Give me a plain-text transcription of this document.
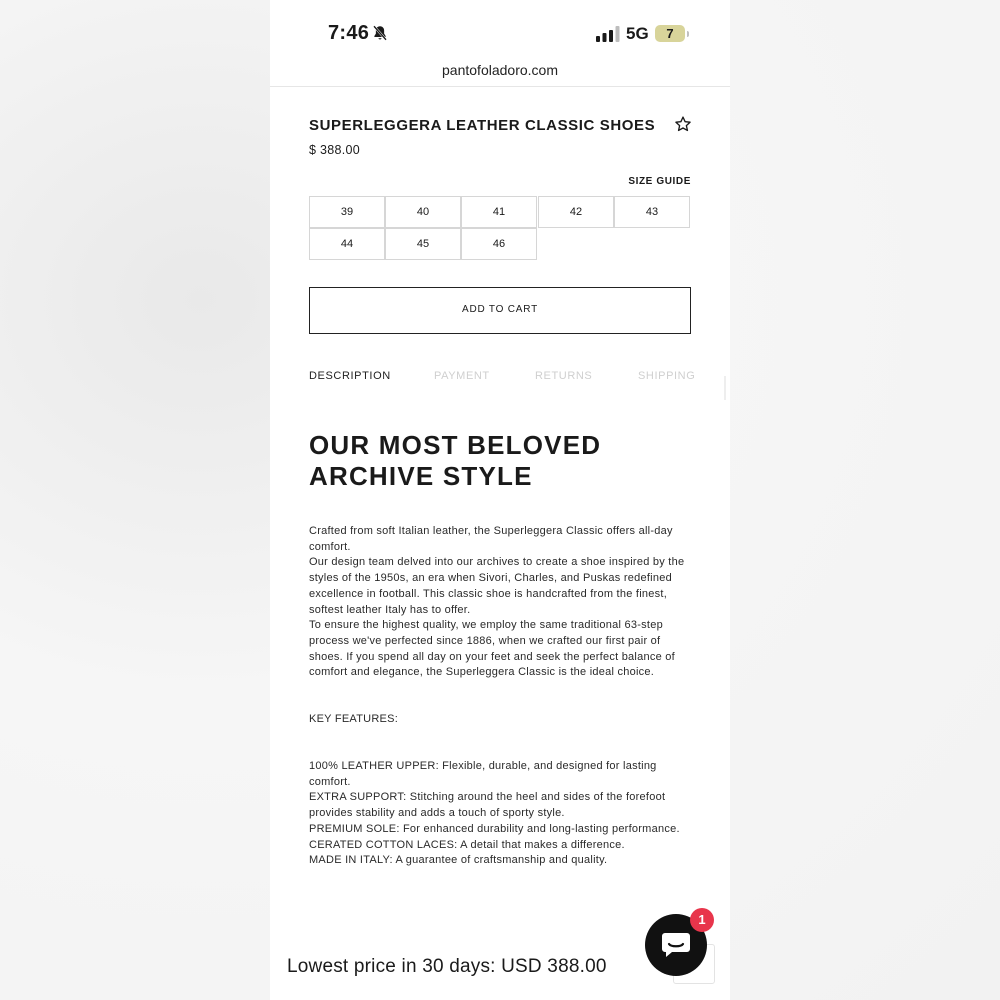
7:46	5G	7
pantofoladoro.com
SUPERLEGGERA LEATHER CLASSIC SHOES
$ 388.00
SIZE GUIDE
39	40	41	42	43
44	45	46
ADD TO CART
DESCRIPTION	PAYMENT	RETURNS	SHIPPING
OUR MOST BELOVED
ARCHIVE STYLE
Crafted from soft Italian leather, the Superleggera Classic offers all-day
comfort.
Our design team delved into our archives to create a shoe inspired by the
styles of the 1950s, an era when Sivori, Charles, and Puskas redefined
excellence in football. This classic shoe is handcrafted from the finest,
softest leather Italy has to offer.
To ensure the highest quality, we employ the same traditional 63-step
process we've perfected since 1886, when we crafted our first pair of
shoes. If you spend all day on your feet and seek the perfect balance of
comfort and elegance, the Superleggera Classic is the ideal choice.
KEY FEATURES:
100% LEATHER UPPER: Flexible, durable, and designed for lasting
comfort.
EXTRA SUPPORT: Stitching around the heel and sides of the forefoot
provides stability and adds a touch of sporty style.
PREMIUM SOLE: For enhanced durability and long-lasting performance.
CERATED COTTON LACES: A detail that makes a difference.
MADE IN ITALY: A guarantee of craftsmanship and quality.
Lowest price in 30 days: USD 388.00
1
